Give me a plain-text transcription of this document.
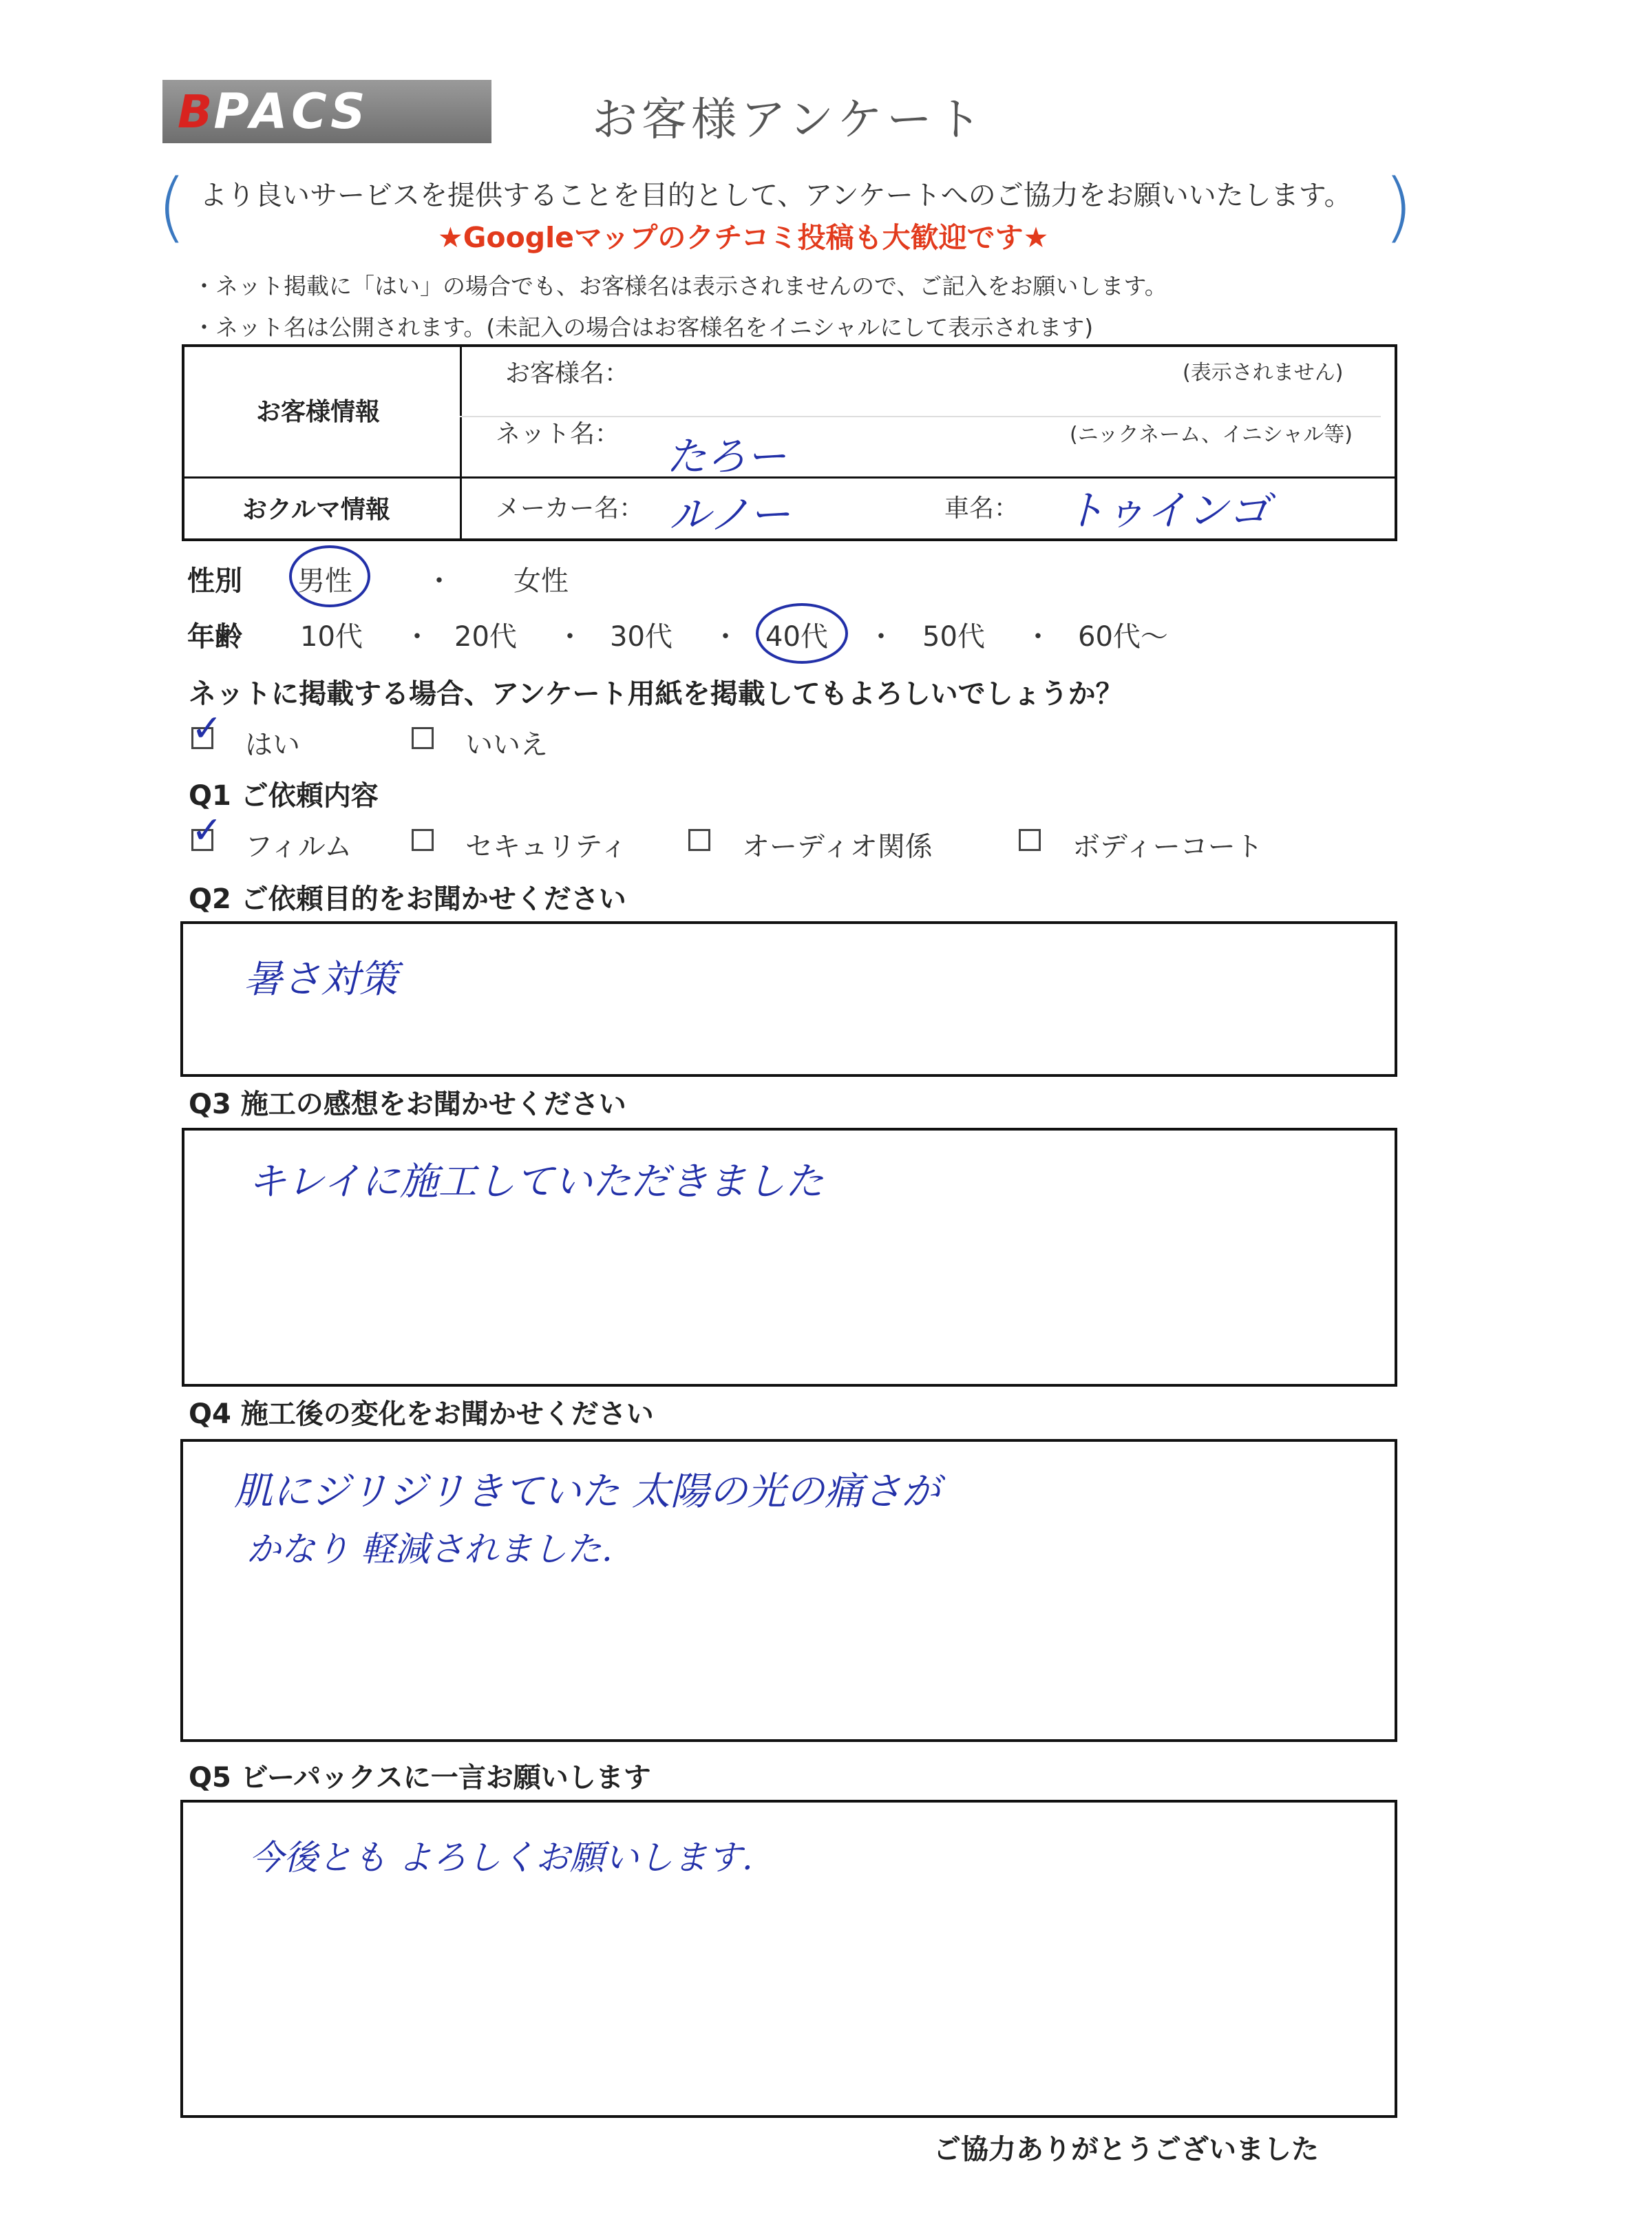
B PACS	お客様アンケート
(	)
より良いサービスを提供することを目的として、アンケートへのご協力をお願いいたします。
★Googleマップのクチコミ投稿も大歓迎です★
・ネット掲載に「はい」の場合でも、お客様名は表示されませんので、ご記入をお願いします。
・ネット名は公開されます。(未記入の場合はお客様名をイニシャルにして表示されます)
お客様情報
おクルマ情報
お客様名：	(表示されません)
ネット名： たろー	(ニックネーム、イニシャル等)
メーカー名： ルノー	車名： トゥインゴ
性別 男性	・ 女性
年齢 10代 ・ 20代 ・ 30代 ・ 40代 ・ 50代 ・ 60代〜
ネットに掲載する場合、アンケート用紙を掲載してもよろしいでしょうか？
✓ はい	いいえ
Q1 ご依頼内容
✓ フィルム	セキュリティ	オーディオ関係	ボディーコート
Q2 ご依頼目的をお聞かせください
暑さ対策
Q3 施工の感想をお聞かせください
キレイに施工していただきました
Q4 施工後の変化をお聞かせください
肌にジリジリきていた 太陽の光の痛さが
かなり 軽減されました.
Q5 ビーパックスに一言お願いします
今後とも よろしくお願いします.
ご協力ありがとうございました
